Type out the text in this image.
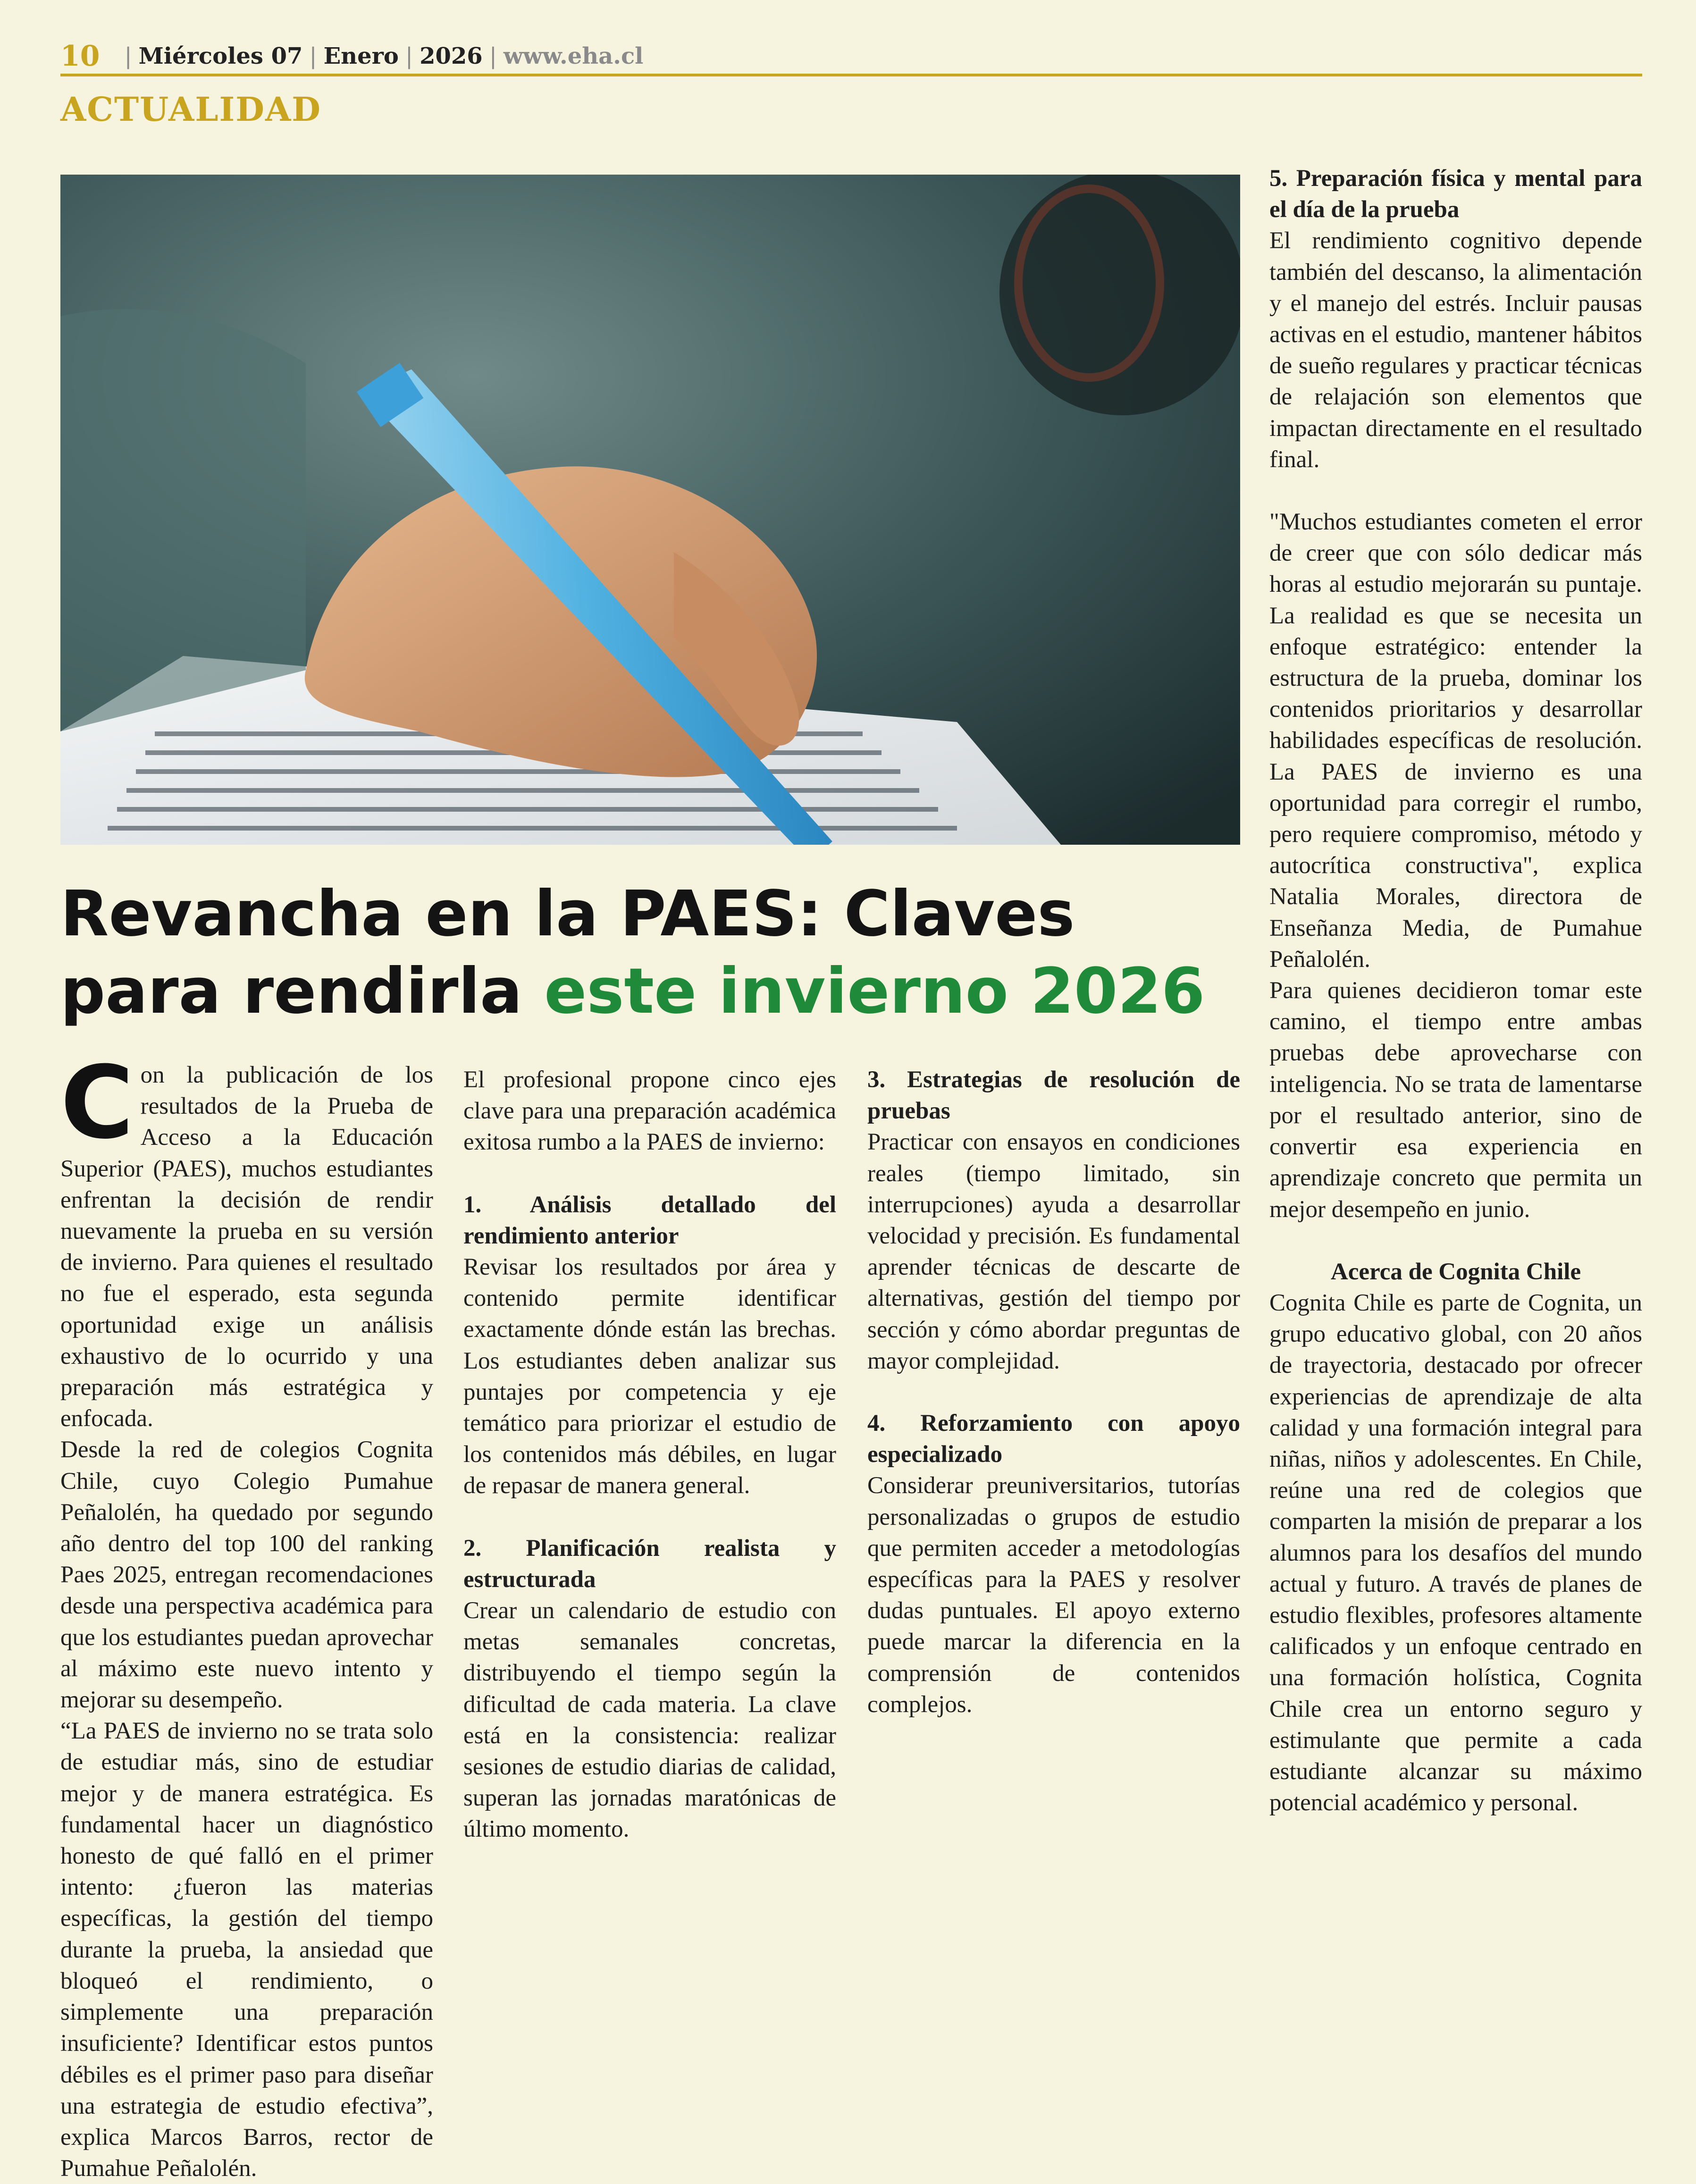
10 | Miércoles 07 | Enero | 2026 | www.eha.cl
ACTUALIDAD
Revancha en la PAES: Claves para rendirla este invierno 2026

Con la publicación de los resultados de la Prueba de Acceso a la Educación Superior (PAES), muchos estudiantes enfrentan la decisión de rendir nuevamente la prueba en su versión de invierno. Para quienes el resultado no fue el esperado, esta segunda oportunidad exige un análisis exhaustivo de lo ocurrido y una preparación más estratégica y enfocada.

Desde la red de colegios Cognita Chile, cuyo Colegio Pumahue Peñalolén, ha quedado por segundo año dentro del top 100 del ranking Paes 2025, entregan recomendaciones desde una perspectiva académica para que los estudiantes puedan aprovechar al máximo este nuevo intento y mejorar su desempeño.

“La PAES de invierno no se trata solo de estudiar más, sino de estudiar mejor y de manera estratégica. Es fundamental hacer un diagnóstico honesto de qué falló en el primer intento: ¿fueron las materias específicas, la gestión del tiempo durante la prueba, la ansiedad que bloqueó el rendimiento, o simplemente una preparación insuficiente? Identificar estos puntos débiles es el primer paso para diseñar una estrategia de estudio efectiva”, explica Marcos Barros, rector de Pumahue Peñalolén.

El profesional propone cinco ejes clave para una preparación académica exitosa rumbo a la PAES de invierno:

1. Análisis detallado del rendimiento anterior

Revisar los resultados por área y contenido permite identificar exactamente dónde están las brechas. Los estudiantes deben analizar sus puntajes por competencia y eje temático para priorizar el estudio de los contenidos más débiles, en lugar de repasar de manera general.

2. Planificación realista y estructurada

Crear un calendario de estudio con metas semanales concretas, distribuyendo el tiempo según la dificultad de cada materia. La clave está en la consistencia: realizar sesiones de estudio diarias de calidad, superan las jornadas maratónicas de último momento.

3. Estrategias de resolución de pruebas

Practicar con ensayos en condiciones reales (tiempo limitado, sin interrupciones) ayuda a desarrollar velocidad y precisión. Es fundamental aprender técnicas de descarte de alternativas, gestión del tiempo por sección y cómo abordar preguntas de mayor complejidad.

4. Reforzamiento con apoyo especializado

Considerar preuniversitarios, tutorías personalizadas o grupos de estudio que permiten acceder a metodologías específicas para la PAES y resolver dudas puntuales. El apoyo externo puede marcar la diferencia en la comprensión de contenidos complejos.

5. Preparación física y mental para el día de la prueba

El rendimiento cognitivo depende también del descanso, la alimentación y el manejo del estrés. Incluir pausas activas en el estudio, mantener hábitos de sueño regulares y practicar técnicas de relajación son elementos que impactan directamente en el resultado final.

"Muchos estudiantes cometen el error de creer que con sólo dedicar más horas al estudio mejorarán su puntaje. La realidad es que se necesita un enfoque estratégico: entender la estructura de la prueba, dominar los contenidos prioritarios y desarrollar habilidades específicas de resolución. La PAES de invierno es una oportunidad para corregir el rumbo, pero requiere compromiso, método y autocrítica constructiva", explica Natalia Morales, directora de Enseñanza Media, de Pumahue Peñalolén.

Para quienes decidieron tomar este camino, el tiempo entre ambas pruebas debe aprovecharse con inteligencia. No se trata de lamentarse por el resultado anterior, sino de convertir esa experiencia en aprendizaje concreto que permita un mejor desempeño en junio.

Acerca de Cognita Chile

Cognita Chile es parte de Cognita, un grupo educativo global, con 20 años de trayectoria, destacado por ofrecer experiencias de aprendizaje de alta calidad y una formación integral para niñas, niños y adolescentes. En Chile, reúne una red de colegios que comparten la misión de preparar a los alumnos para los desafíos del mundo actual y futuro. A través de planes de estudio flexibles, profesores altamente calificados y un enfoque centrado en una formación holística, Cognita Chile crea un entorno seguro y estimulante que permite a cada estudiante alcanzar su máximo potencial académico y personal.
